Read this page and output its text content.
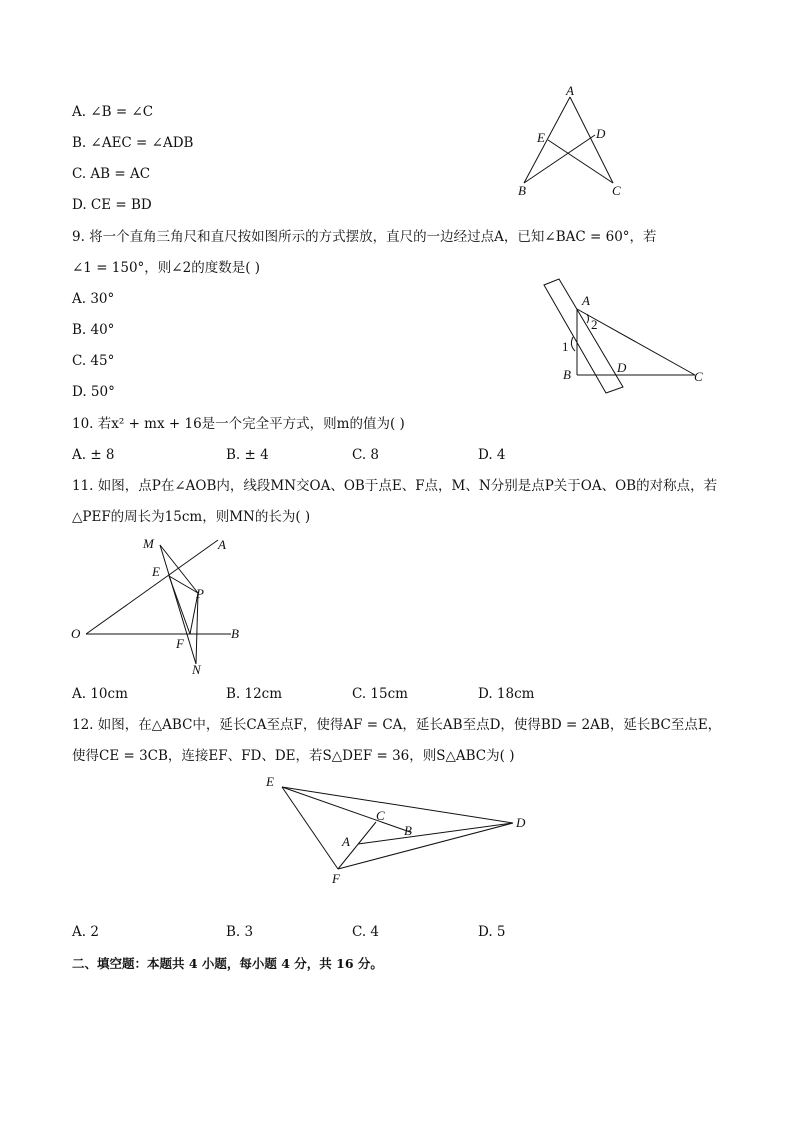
A. ∠B = ∠C
B. ∠AEC = ∠ADB
C. AB = AC
D. CE = BD
A
E	D
B	C
9. 将一个直角三角尺和直尺按如图所示的方式摆放，直尺的一边经过点A，已知∠BAC = 60°，若
∠1 = 150°，则∠2的度数是( )
A. 30°
B. 40°
C. 45°
D. 50°
A
2
1
B	D
C
10. 若x² + mx + 16是一个完全平方式，则m的值为( )
A. ± 8	B. ± 4	C. 8	D. 4
11. 如图，点P在∠AOB内，线段MN交OA、OB于点E、F点，M、N分别是点P关于OA、OB的对称点，若
△PEF的周长为15cm，则MN的长为( )
M	A
E
P
O	B
F
N
A. 10cm	B. 12cm	C. 15cm	D. 18cm
12. 如图，在△ABC中，延长CA至点F，使得AF = CA，延长AB至点D，使得BD = 2AB，延长BC至点E，
使得CE = 3CB，连接EF、FD、DE，若S△DEF = 36，则S△ABC为( )
E
C
B
D
A
F
A. 2	B. 3	C. 4	D. 5
二、填空题：本题共 4 小题，每小题 4 分，共 16 分。
